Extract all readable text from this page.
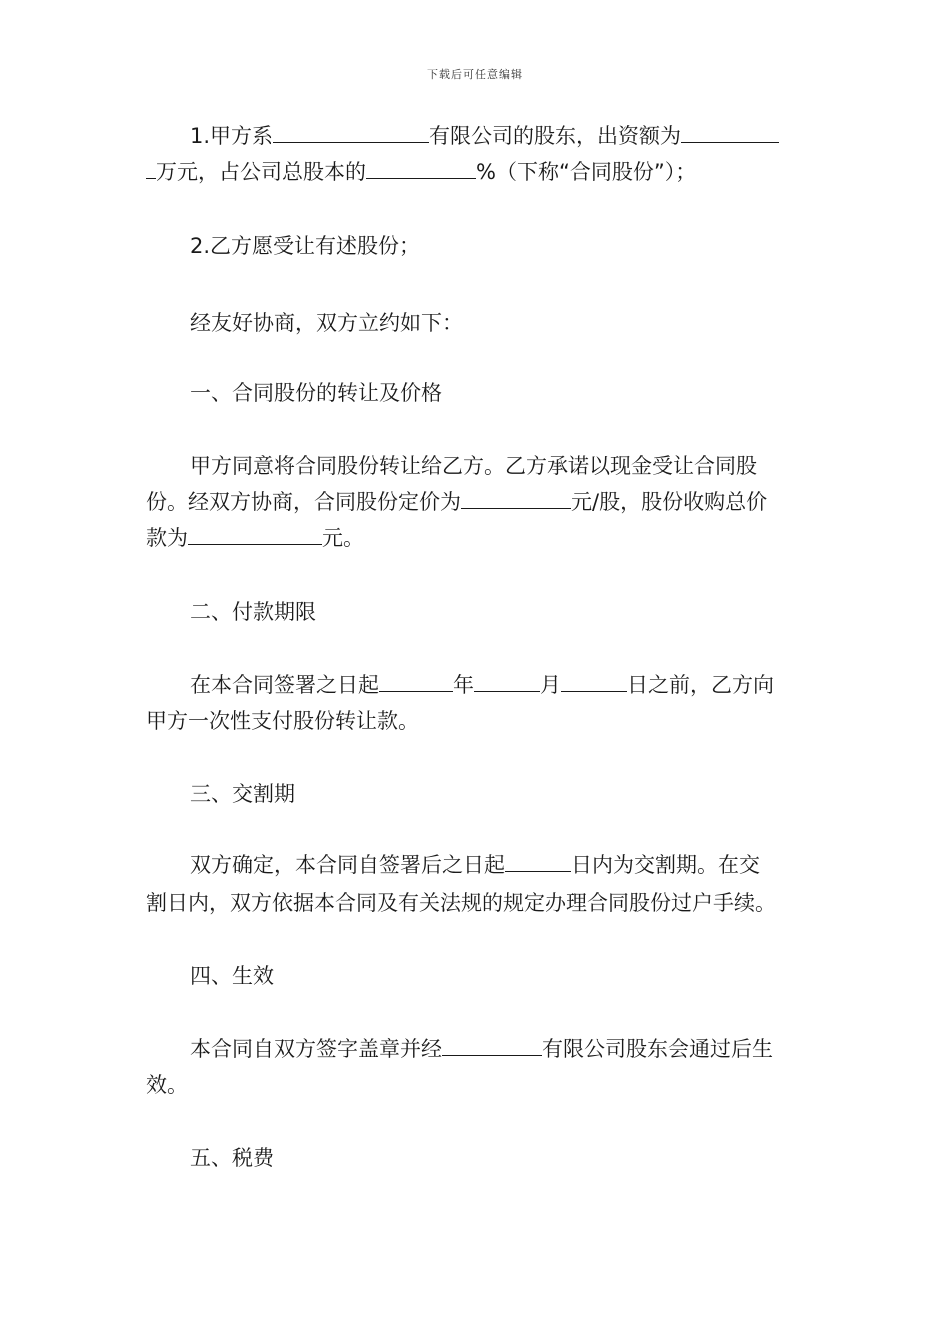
下载后可任意编辑
1.甲方系	有限公司的股东，出资额为
万元，占公司总股本的	%（下称“合同股份”）；
2.乙方愿受让有述股份；
经友好协商，双方立约如下：
一、合同股份的转让及价格
甲方同意将合同股份转让给乙方。乙方承诺以现金受让合同股
份。经双方协商，合同股份定价为	元/股，股份收购总价
款为	元。
二、付款期限
在本合同签署之日起	年	月	日之前，乙方向
甲方一次性支付股份转让款。
三、交割期
双方确定，本合同自签署后之日起	日内为交割期。在交
割日内，双方依据本合同及有关法规的规定办理合同股份过户手续。
四、生效
本合同自双方签字盖章并经	有限公司股东会通过后生
效。
五、税费
